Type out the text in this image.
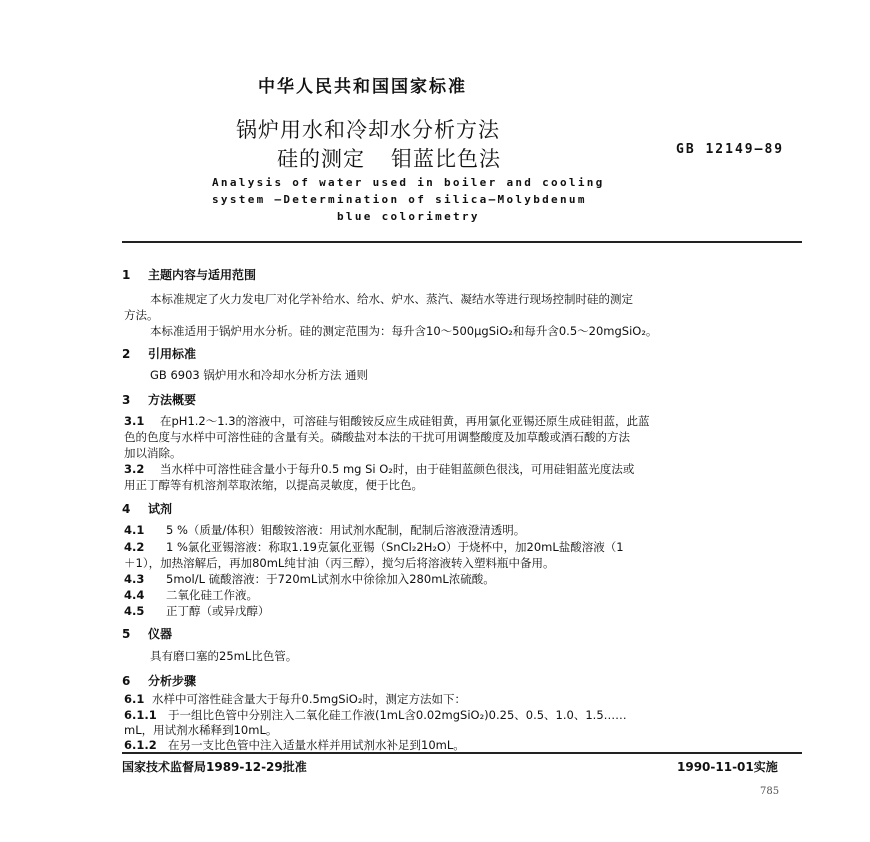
中华人民共和国国家标准
锅炉用水和冷却水分析方法
硅的测定 钼蓝比色法	GB 12149—89
Analysis of water used in boiler and cooling
system —Determination of silica—Molybdenum
blue colorimetry
1 主题内容与适用范围
本标准规定了火力发电厂对化学补给水、给水、炉水、蒸汽、凝结水等进行现场控制时硅的测定
方法。
本标准适用于锅炉用水分析。硅的测定范围为：每升含10～500μgSiO₂和每升含0.5～20mgSiO₂。
2 引用标准
GB 6903 锅炉用水和冷却水分析方法 通则
3 方法概要
3.1 在pH1.2～1.3的溶液中，可溶硅与钼酸铵反应生成硅钼黄，再用氯化亚锡还原生成硅钼蓝，此蓝
色的色度与水样中可溶性硅的含量有关。磷酸盐对本法的干扰可用调整酸度及加草酸或酒石酸的方法
加以消除。
3.2 当水样中可溶性硅含量小于每升0.5 mg Si O₂时，由于硅钼蓝颜色很浅，可用硅钼蓝光度法或
用正丁醇等有机溶剂萃取浓缩，以提高灵敏度，便于比色。
4 试剂
4.1 5 %（质量/体积）钼酸铵溶液：用试剂水配制，配制后溶液澄清透明。
4.2 1 %氯化亚锡溶液：称取1.19克氯化亚锡（SnCl₂2H₂O）于烧杯中，加20mL盐酸溶液（1
＋1），加热溶解后，再加80mL纯甘油（丙三醇），搅匀后将溶液转入塑料瓶中备用。
4.3 5mol/L 硫酸溶液：于720mL试剂水中徐徐加入280mL浓硫酸。
4.4 二氧化硅工作液。
4.5 正丁醇（或异戊醇）
5 仪器
具有磨口塞的25mL比色管。
6 分析步骤
6.1 水样中可溶性硅含量大于每升0.5mgSiO₂时，测定方法如下：
6.1.1 于一组比色管中分别注入二氧化硅工作液(1mL含0.02mgSiO₂)0.25、0.5、1.0、1.5……
mL，用试剂水稀释到10mL。
6.1.2 在另一支比色管中注入适量水样并用试剂水补足到10mL。
国家技术监督局1989-12-29批准	1990-11-01实施
785
